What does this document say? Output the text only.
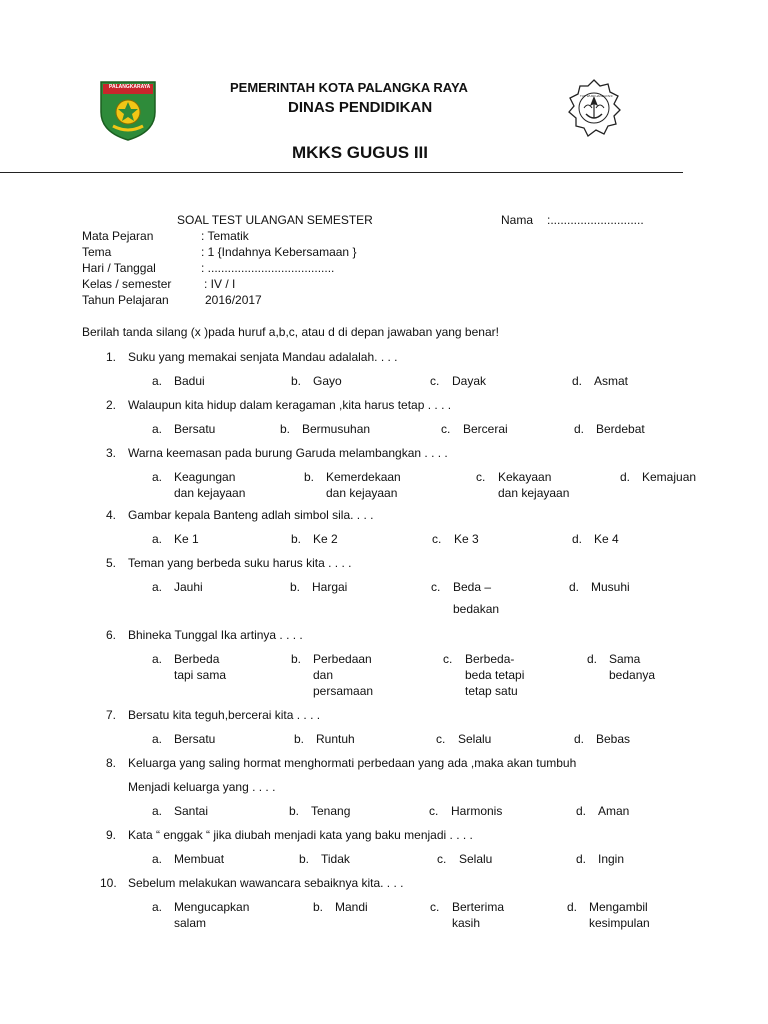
PALANGKARAYA
TUT WURI HANDAYANI
PEMERINTAH KOTA PALANGKA RAYA
DINAS PENDIDIKAN
MKKS GUGUS III
SOAL TEST ULANGAN SEMESTER	Nama :............................
Mata Pejaran	: Tematik
Tema	: 1 {Indahnya Kebersamaan }
Hari / Tanggal	: ......................................
Kelas / semester	: IV / I
Tahun Pelajaran	2016/2017
Berilah tanda silang (x )pada huruf a,b,c, atau d di depan jawaban yang benar!
1. Suku yang memakai senjata Mandau adalalah. . . .
a. Badui	b. Gayo	c. Dayak	d. Asmat
2. Walaupun kita hidup dalam keragaman ,kita harus tetap . . . .
a. Bersatu	b. Bermusuhan	c. Bercerai	d. Berdebat
3. Warna keemasan pada burung Garuda melambangkan . . . .
a. Keagungan
dan kejayaan
b. Kemerdekaan
dan kejayaan
c. Kekayaan
dan kejayaan
d. Kemajuan
4. Gambar kepala Banteng adlah simbol sila. . . .
a. Ke 1	b. Ke 2	c. Ke 3	d. Ke 4
5. Teman yang berbeda suku harus kita . . . .
a. Jauhi	b. Hargai	c. Beda –
bedakan
d. Musuhi
6. Bhineka Tunggal Ika artinya . . . .
a. Berbeda
tapi sama
b. Perbedaan
dan
persamaan
c. Berbeda-
beda tetapi
tetap satu
d. Sama
bedanya
7. Bersatu kita teguh,bercerai kita . . . .
a. Bersatu	b. Runtuh	c. Selalu	d. Bebas
8. Keluarga yang saling hormat menghormati perbedaan yang ada ,maka akan tumbuh
Menjadi keluarga yang . . . .
a. Santai	b. Tenang	c. Harmonis	d. Aman
9. Kata “ enggak “ jika diubah menjadi kata yang baku menjadi . . . .
a. Membuat	b. Tidak	c. Selalu	d. Ingin
10. Sebelum melakukan wawancara sebaiknya kita. . . .
a. Mengucapkan
salam
b. Mandi	c. Berterima
kasih
d. Mengambil
kesimpulan
